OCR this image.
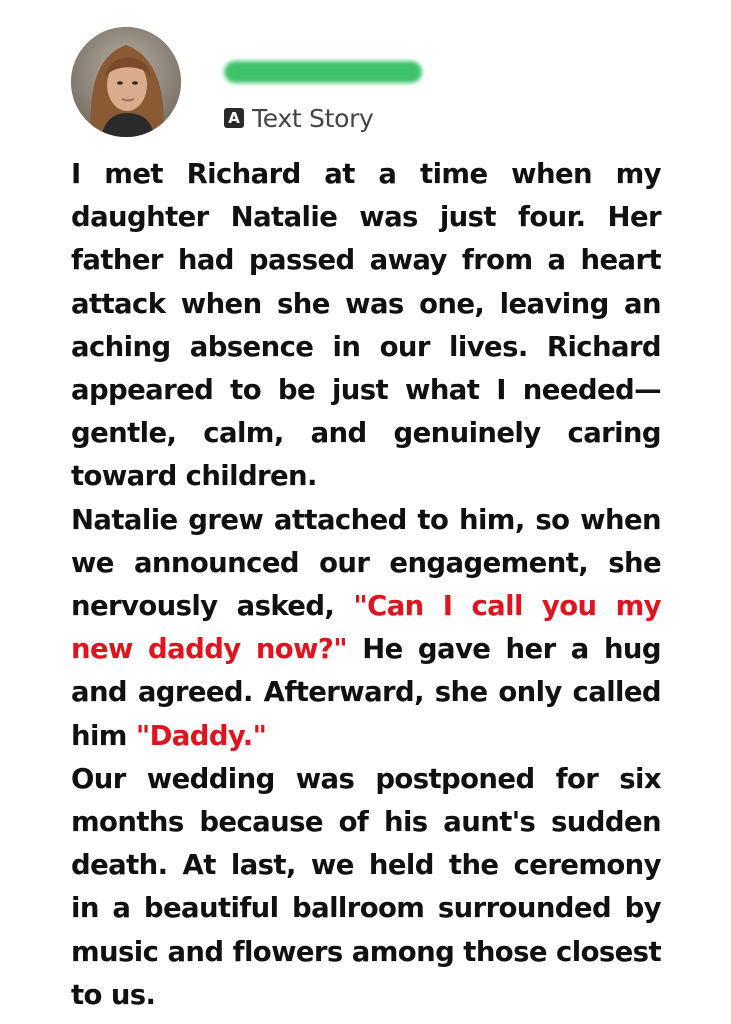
A Text Story

I met Richard at a time when my daughter Natalie was just four. Her father had passed away from a heart attack when she was one, leaving an aching absence in our lives. Richard appeared to be just what I needed—gentle, calm, and genuinely caring toward children.

Natalie grew attached to him, so when we announced our engagement, she nervously asked, "Can I call you my new daddy now?" He gave her a hug and agreed. Afterward, she only called him "Daddy."

Our wedding was postponed for six months because of his aunt's sudden death. At last, we held the ceremony in a beautiful ballroom surrounded by music and flowers among those closest to us.
